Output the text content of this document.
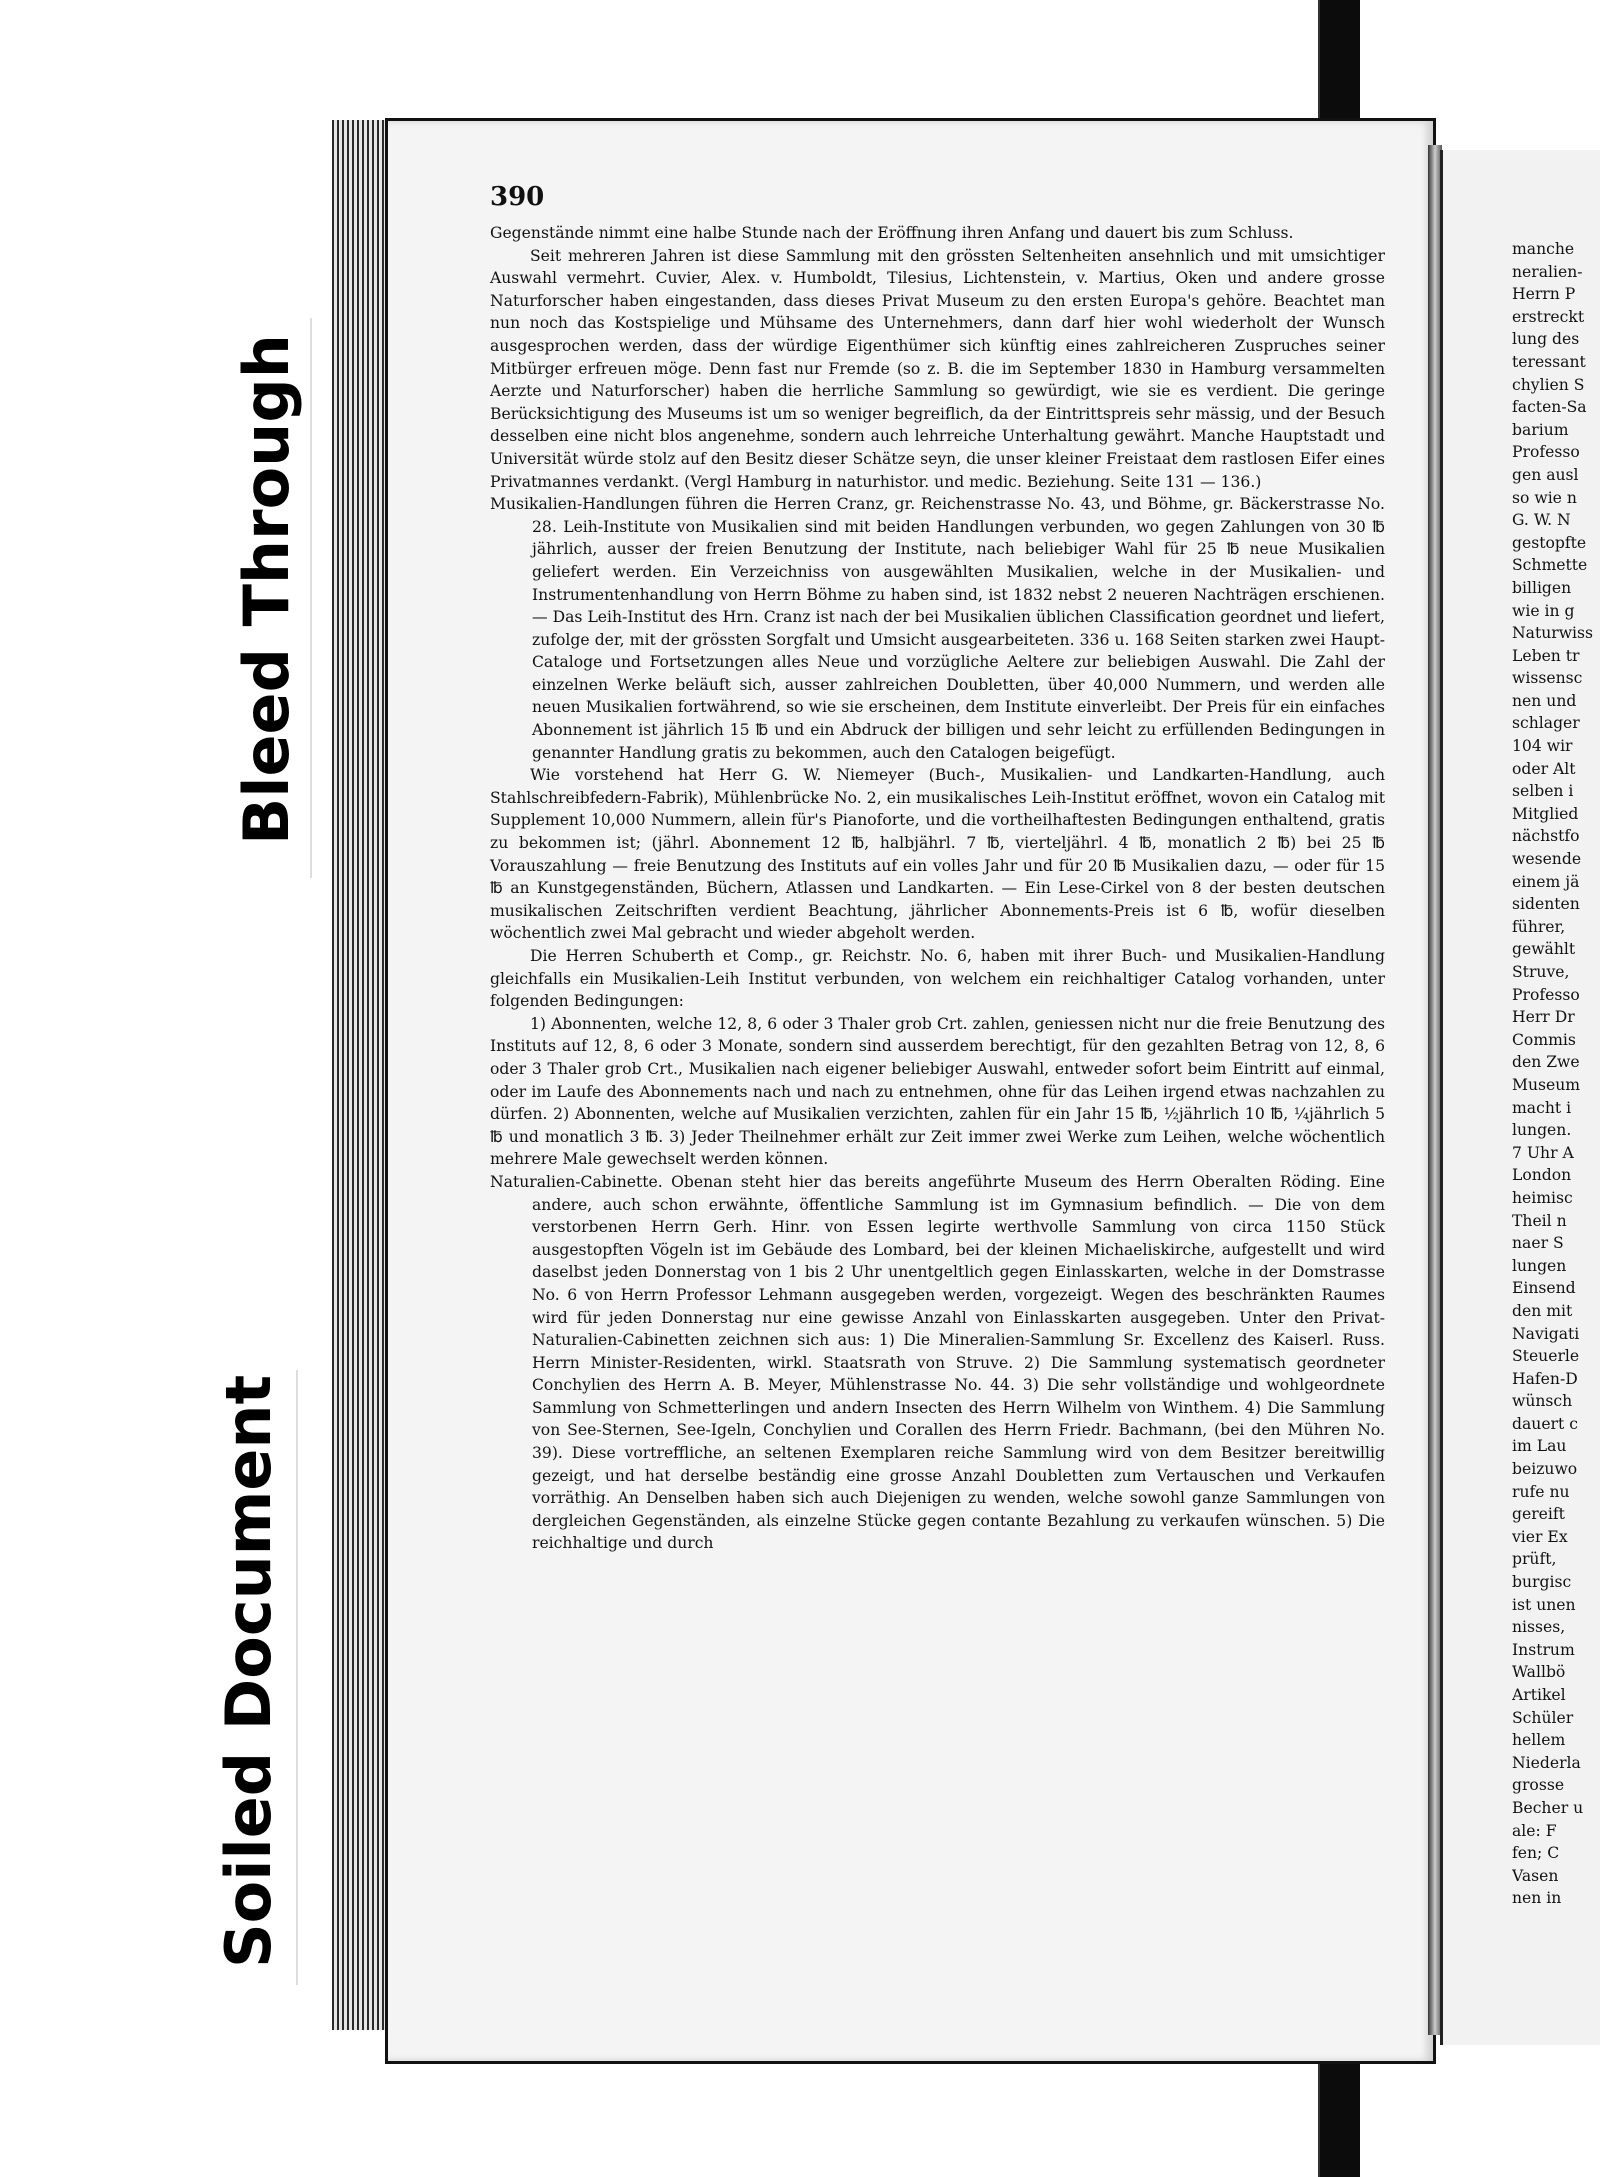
Bleed Through
Soiled Document
390

Gegenstände nimmt eine halbe Stunde nach der Eröffnung ihren Anfang und dauert bis zum Schluss.

Seit mehreren Jahren ist diese Sammlung mit den grössten Seltenheiten ansehnlich und mit umsichtiger Auswahl vermehrt. Cuvier, Alex. v. Humboldt, Tilesius, Lichtenstein, v. Martius, Oken und andere grosse Naturforscher haben eingestanden, dass dieses Privat Museum zu den ersten Europa's gehöre. Beachtet man nun noch das Kostspielige und Mühsame des Unternehmers, dann darf hier wohl wiederholt der Wunsch ausgesprochen werden, dass der würdige Eigenthümer sich künftig eines zahlreicheren Zuspruches seiner Mitbürger erfreuen möge. Denn fast nur Fremde (so z. B. die im September 1830 in Hamburg versammelten Aerzte und Naturforscher) haben die herrliche Sammlung so gewürdigt, wie sie es verdient. Die geringe Berücksichtigung des Museums ist um so weniger begreiflich, da der Eintrittspreis sehr mässig, und der Besuch desselben eine nicht blos angenehme, sondern auch lehrreiche Unterhaltung gewährt. Manche Hauptstadt und Universität würde stolz auf den Besitz dieser Schätze seyn, die unser kleiner Freistaat dem rastlosen Eifer eines Privatmannes verdankt. (Vergl Hamburg in naturhistor. und medic. Beziehung. Seite 131 — 136.)

Musikalien-Handlungen führen die Herren Cranz, gr. Reichenstrasse No. 43, und Böhme, gr. Bäckerstrasse No. 28. Leih-Institute von Musikalien sind mit beiden Handlungen verbunden, wo gegen Zahlungen von 30 ℔ jährlich, ausser der freien Benutzung der Institute, nach beliebiger Wahl für 25 ℔ neue Musikalien geliefert werden. Ein Verzeichniss von ausgewählten Musikalien, welche in der Musikalien- und Instrumentenhandlung von Herrn Böhme zu haben sind, ist 1832 nebst 2 neueren Nachträgen erschienen. — Das Leih-Institut des Hrn. Cranz ist nach der bei Musikalien üblichen Classification geordnet und liefert, zufolge der, mit der grössten Sorgfalt und Umsicht ausgearbeiteten. 336 u. 168 Seiten starken zwei Haupt-Cataloge und Fortsetzungen alles Neue und vorzügliche Aeltere zur beliebigen Auswahl. Die Zahl der einzelnen Werke beläuft sich, ausser zahlreichen Doubletten, über 40,000 Nummern, und werden alle neuen Musikalien fortwährend, so wie sie erscheinen, dem Institute einverleibt. Der Preis für ein einfaches Abonnement ist jährlich 15 ℔ und ein Abdruck der billigen und sehr leicht zu erfüllenden Bedingungen in genannter Handlung gratis zu bekommen, auch den Catalogen beigefügt.

Wie vorstehend hat Herr G. W. Niemeyer (Buch-, Musikalien- und Landkarten-Handlung, auch Stahlschreibfedern-Fabrik), Mühlenbrücke No. 2, ein musikalisches Leih-Institut eröffnet, wovon ein Catalog mit Supplement 10,000 Nummern, allein für's Pianoforte, und die vortheilhaftesten Bedingungen enthaltend, gratis zu bekommen ist; (jährl. Abonnement 12 ℔, halbjährl. 7 ℔, vierteljährl. 4 ℔, monatlich 2 ℔) bei 25 ℔ Vorauszahlung — freie Benutzung des Instituts auf ein volles Jahr und für 20 ℔ Musikalien dazu, — oder für 15 ℔ an Kunstgegenständen, Büchern, Atlassen und Landkarten. — Ein Lese-Cirkel von 8 der besten deutschen musikalischen Zeitschriften verdient Beachtung, jährlicher Abonnements-Preis ist 6 ℔, wofür dieselben wöchentlich zwei Mal gebracht und wieder abgeholt werden.

Die Herren Schuberth et Comp., gr. Reichstr. No. 6, haben mit ihrer Buch- und Musikalien-Handlung gleichfalls ein Musikalien-Leih Institut verbunden, von welchem ein reichhaltiger Catalog vorhanden, unter folgenden Bedingungen:

1) Abonnenten, welche 12, 8, 6 oder 3 Thaler grob Crt. zahlen, geniessen nicht nur die freie Benutzung des Instituts auf 12, 8, 6 oder 3 Monate, sondern sind ausserdem berechtigt, für den gezahlten Betrag von 12, 8, 6 oder 3 Thaler grob Crt., Musikalien nach eigener beliebiger Auswahl, entweder sofort beim Eintritt auf einmal, oder im Laufe des Abonnements nach und nach zu entnehmen, ohne für das Leihen irgend etwas nachzahlen zu dürfen. 2) Abonnenten, welche auf Musikalien verzichten, zahlen für ein Jahr 15 ℔, ½jährlich 10 ℔, ¼jährlich 5 ℔ und monatlich 3 ℔. 3) Jeder Theilnehmer erhält zur Zeit immer zwei Werke zum Leihen, welche wöchentlich mehrere Male gewechselt werden können.

Naturalien-Cabinette. Obenan steht hier das bereits angeführte Museum des Herrn Oberalten Röding. Eine andere, auch schon erwähnte, öffentliche Sammlung ist im Gymnasium befindlich. — Die von dem verstorbenen Herrn Gerh. Hinr. von Essen legirte werthvolle Sammlung von circa 1150 Stück ausgestopften Vögeln ist im Gebäude des Lombard, bei der kleinen Michaeliskirche, aufgestellt und wird daselbst jeden Donnerstag von 1 bis 2 Uhr unentgeltlich gegen Einlasskarten, welche in der Domstrasse No. 6 von Herrn Professor Lehmann ausgegeben werden, vorgezeigt. Wegen des beschränkten Raumes wird für jeden Donnerstag nur eine gewisse Anzahl von Einlasskarten ausgegeben. Unter den Privat-Naturalien-Cabinetten zeichnen sich aus: 1) Die Mineralien-Sammlung Sr. Excellenz des Kaiserl. Russ. Herrn Minister-Residenten, wirkl. Staatsrath von Struve. 2) Die Sammlung systematisch geordneter Conchylien des Herrn A. B. Meyer, Mühlenstrasse No. 44. 3) Die sehr vollständige und wohlgeordnete Sammlung von Schmetterlingen und andern Insecten des Herrn Wilhelm von Winthem. 4) Die Sammlung von See-Sternen, See-Igeln, Conchylien und Corallen des Herrn Friedr. Bachmann, (bei den Mühren No. 39). Diese vortreffliche, an seltenen Exemplaren reiche Sammlung wird von dem Besitzer bereitwillig gezeigt, und hat derselbe beständig eine grosse Anzahl Doubletten zum Vertauschen und Verkaufen vorräthig. An Denselben haben sich auch Diejenigen zu wenden, welche sowohl ganze Sammlungen von dergleichen Gegenständen, als einzelne Stücke gegen contante Bezahlung zu verkaufen wünschen. 5) Die reichhaltige und durch

manche
neralien-
Herrn P
erstreckt
lung des
teressant
chylien S
facten-Sa
barium
Professo
gen ausl
so wie n
G. W. N
gestopfte
Schmette
billigen
wie in g
Naturwiss
Leben tr
wissensc
nen und
schlager
104 wir
oder Alt
selben i
Mitglied
nächstfo
wesende
einem jä
sidenten
führer,
gewählt
Struve,
Professo
Herr Dr
Commis
den Zwe
Museum
macht i
lungen.
7 Uhr A
London
heimisc
Theil n
naer S
lungen
Einsend
den mit
Navigati
Steuerle
Hafen-D
wünsch
dauert c
im Lau
beizuwo
rufe nu
gereift
vier Ex
prüft,
burgisc
ist unen
nisses,
Instrum
Wallbö
Artikel
Schüler
hellem
Niederla
grosse
Becher u
ale: F
fen; C
Vasen
nen in
